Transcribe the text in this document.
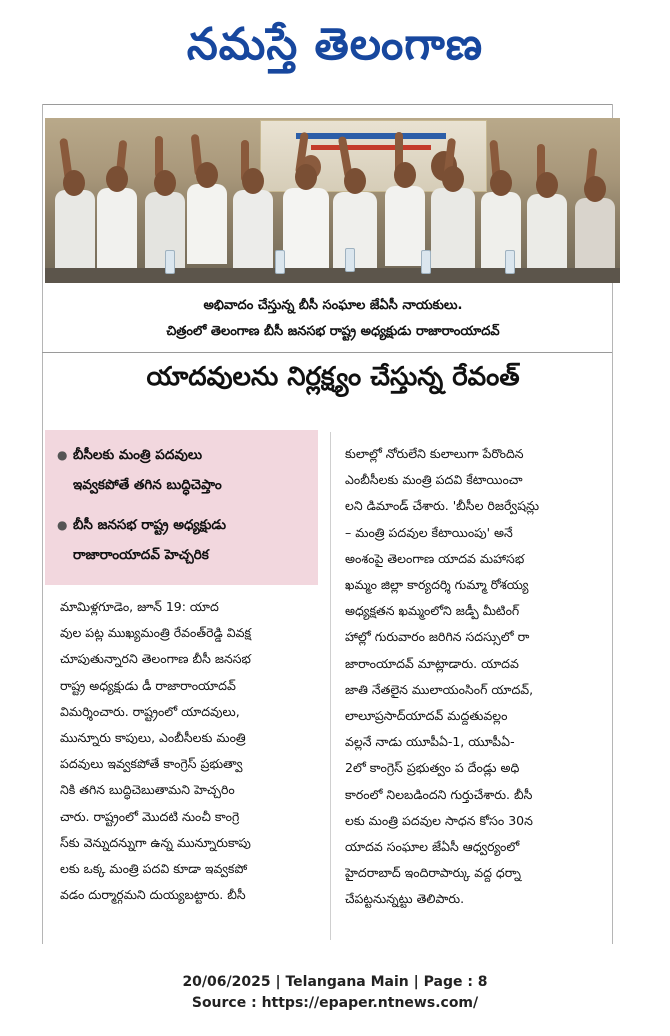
నమస్తే తెలంగాణ
అభివాదం చేస్తున్న బీసీ సంఘాల జేఏసీ నాయకులు.
చిత్రంలో తెలంగాణ బీసీ జనసభ రాష్ట్ర అధ్యక్షుడు రాజారాంయాదవ్
యాదవులను నిర్లక్ష్యం చేస్తున్న రేవంత్
● బీసీలకు మంత్రి పదవులు
ఇవ్వకపోతే తగిన బుద్ధిచెప్తాం
● బీసీ జనసభ రాష్ట్ర అధ్యక్షుడు
రాజారాంయాదవ్ హెచ్చరిక
మామిళ్లగూడెం, జూన్ 19: యాద
వుల పట్ల ముఖ్యమంత్రి రేవంత్‌రెడ్డి వివక్ష
చూపుతున్నారని తెలంగాణ బీసీ జనసభ
రాష్ట్ర అధ్యక్షుడు డీ రాజారాంయాదవ్
విమర్శించారు. రాష్ట్రంలో యాదవులు,
మున్నూరు కాపులు, ఎంబీసీలకు మంత్రి
పదవులు ఇవ్వకపోతే కాంగ్రెస్ ప్రభుత్వా
నికి తగిన బుద్ధిచెబుతామని హెచ్చరిం
చారు. రాష్ట్రంలో మొదటి నుంచీ కాంగ్రె
స్‌కు వెన్నుదన్నుగా ఉన్న మున్నూరుకాపు
లకు ఒక్క మంత్రి పదవి కూడా ఇవ్వకపో
వడం దుర్మార్గమని దుయ్యబట్టారు. బీసీ
కులాల్లో నోరులేని కులాలుగా పేరొందిన
ఎంబీసీలకు మంత్రి పదవి కేటాయించా
లని డిమాండ్ చేశారు. 'బీసీల రిజర్వేషన్లు
– మంత్రి పదవుల కేటాయింపు' అనే
అంశంపై తెలంగాణ యాదవ మహాసభ
ఖమ్మం జిల్లా కార్యదర్శి గుమ్మా రోశయ్య
అధ్యక్షతన ఖమ్మంలోని జడ్పీ మీటింగ్
హాల్లో గురువారం జరిగిన సదస్సులో రా
జారాంయాదవ్ మాట్లాడారు. యాదవ
జాతి నేతలైన ములాయంసింగ్ యాదవ్,
లాలూప్రసాద్‌యాదవ్ మద్దతువల్లం
వల్లనే నాడు యూపీఏ-1, యూపీఏ-
2లో కాంగ్రెస్ ప్రభుత్వం ప దేండ్లు అధి
కారంలో నిలబడిందని గుర్తుచేశారు. బీసీ
లకు మంత్రి పదవుల సాధన కోసం 30న
యాదవ సంఘాల జేఏసీ ఆధ్వర్యంలో
హైదరాబాద్ ఇందిరాపార్కు వద్ద ధర్నా
చేపట్టనున్నట్టు తెలిపారు.
20/06/2025 | Telangana Main | Page : 8
Source : https://epaper.ntnews.com/
